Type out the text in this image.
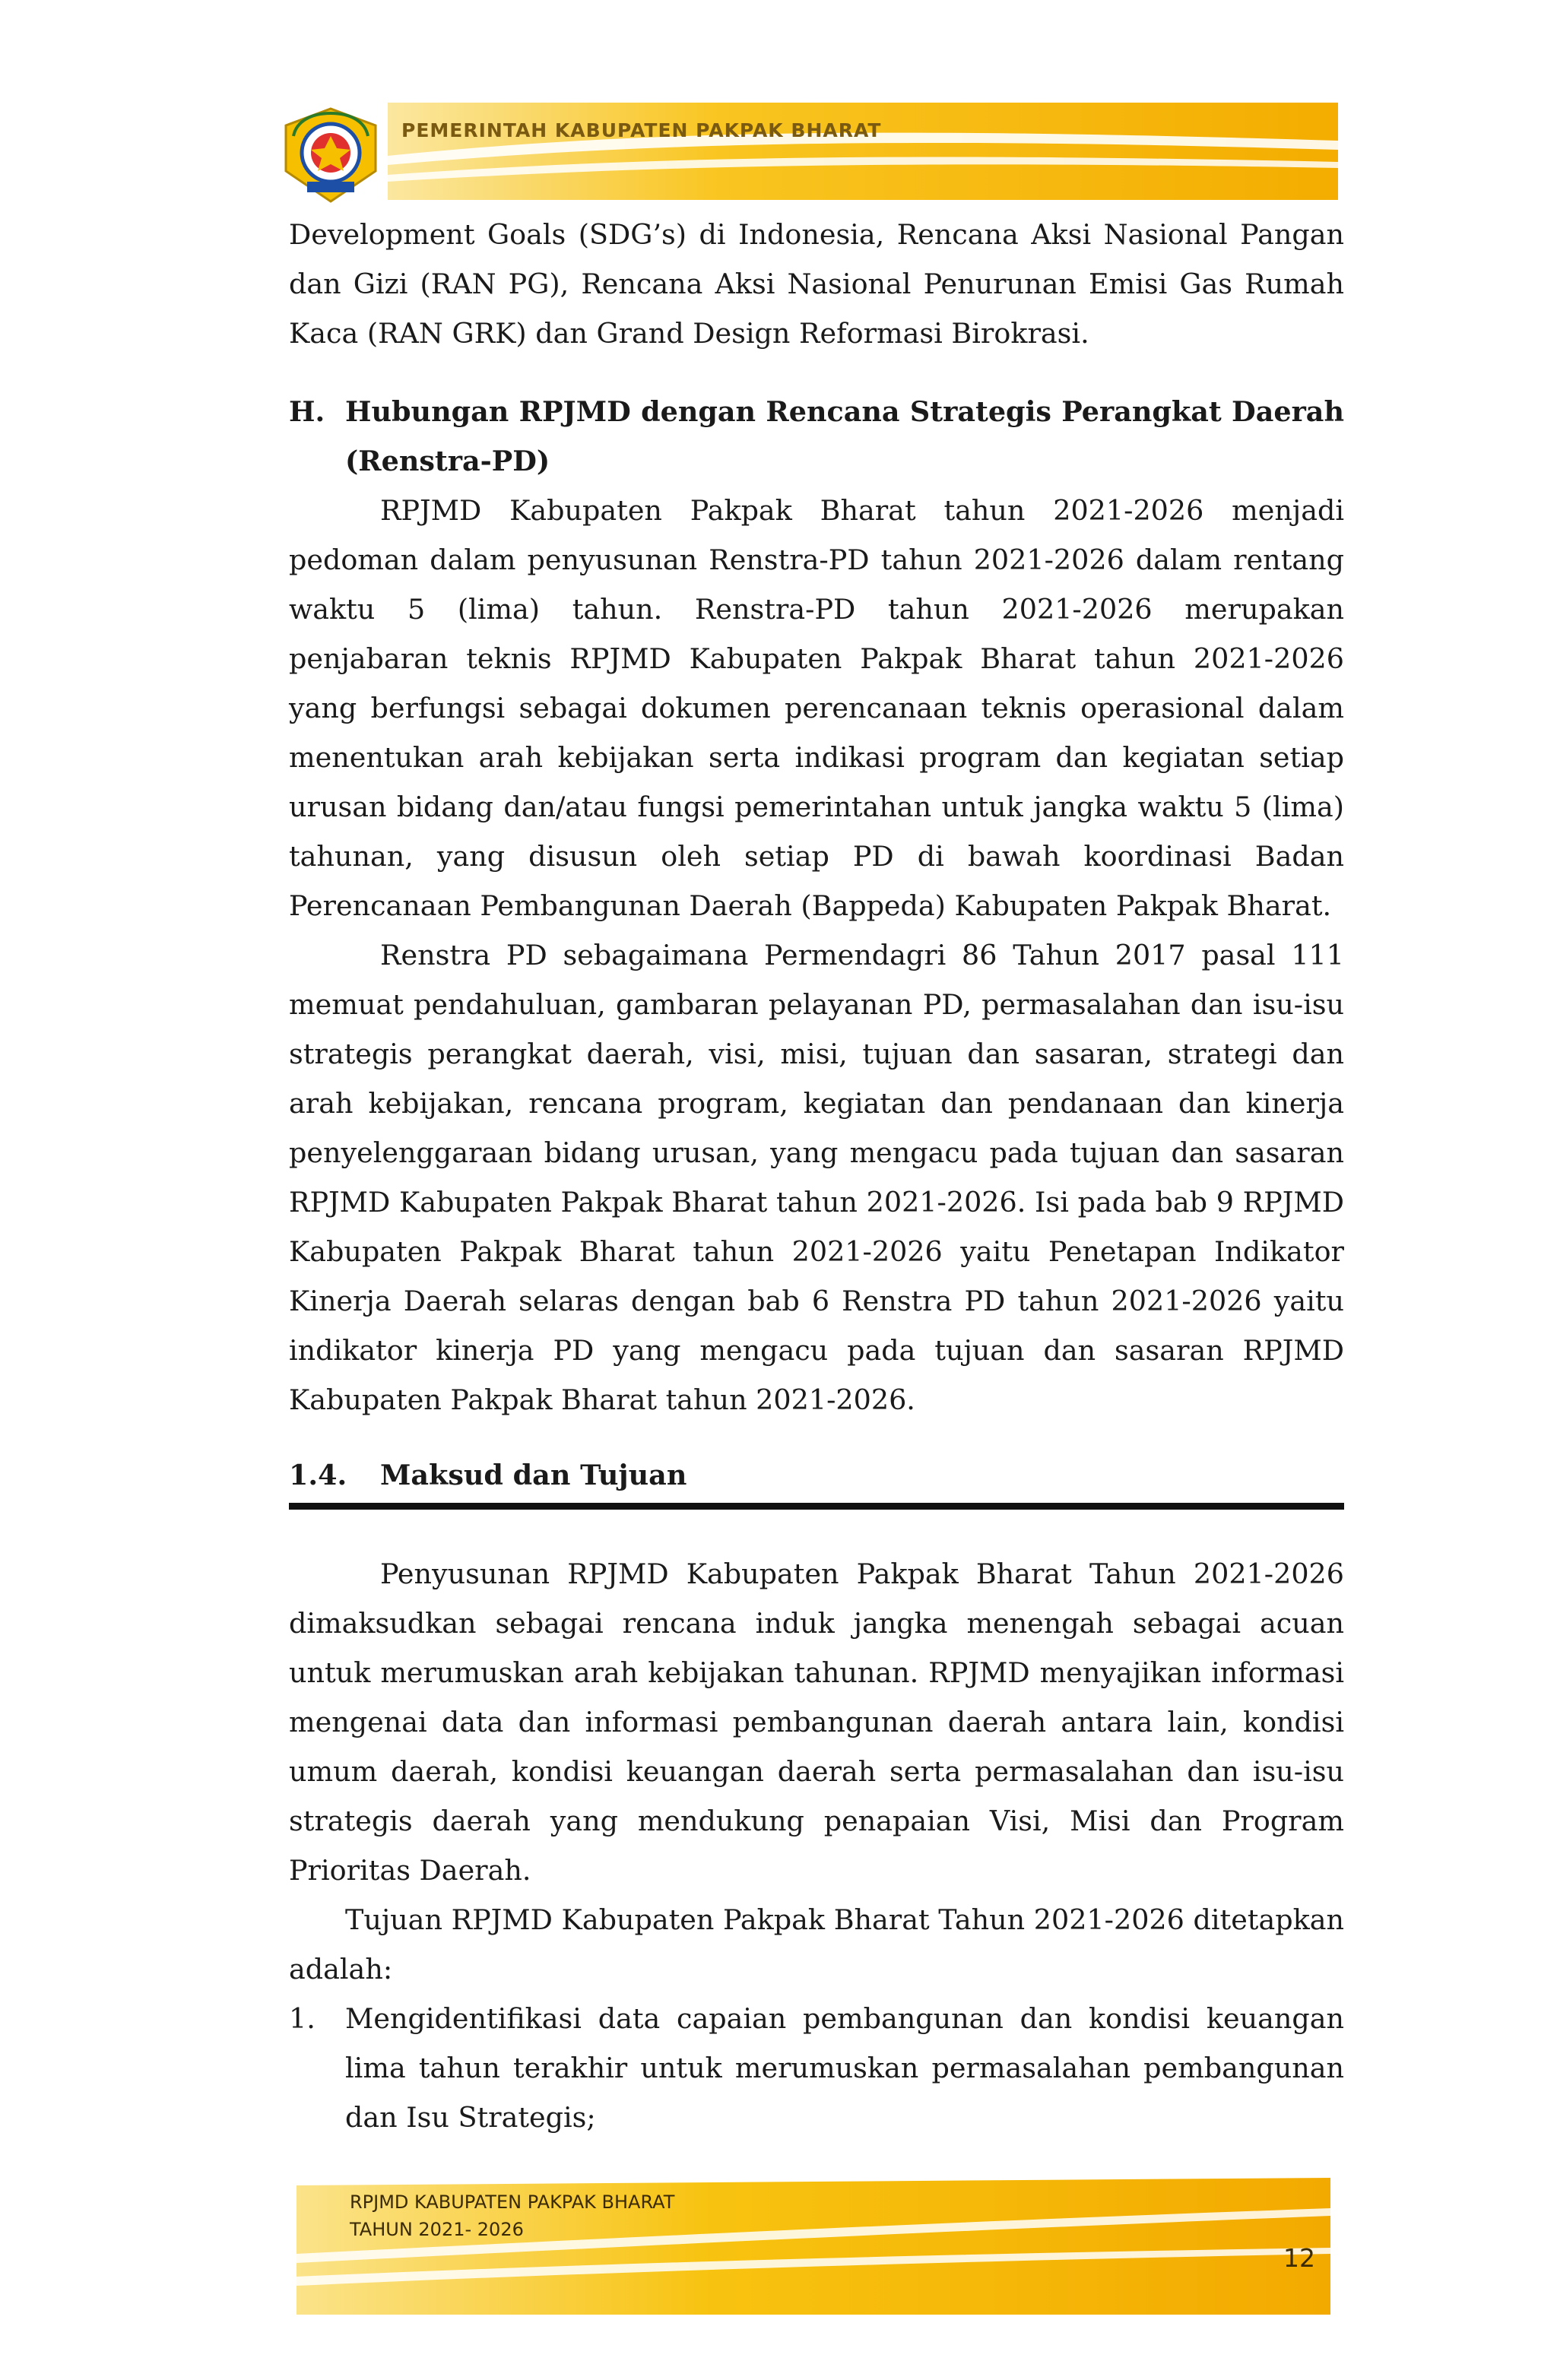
PEMERINTAH KABUPATEN PAKPAK BHARAT

Development Goals (SDG’s) di Indonesia, Rencana Aksi Nasional Pangan dan Gizi (RAN PG), Rencana Aksi Nasional Penurunan Emisi Gas Rumah Kaca (RAN GRK) dan Grand Design Reformasi Birokrasi.

H. Hubungan RPJMD dengan Rencana Strategis Perangkat Daerah (Renstra-PD)

RPJMD Kabupaten Pakpak Bharat tahun 2021-2026 menjadi pedoman dalam penyusunan Renstra-PD tahun 2021-2026 dalam rentang waktu 5 (lima) tahun. Renstra-PD tahun 2021-2026 merupakan penjabaran teknis RPJMD Kabupaten Pakpak Bharat tahun 2021-2026 yang berfungsi sebagai dokumen perencanaan teknis operasional dalam menentukan arah kebijakan serta indikasi program dan kegiatan setiap urusan bidang dan/atau fungsi pemerintahan untuk jangka waktu 5 (lima) tahunan, yang disusun oleh setiap PD di bawah koordinasi Badan Perencanaan Pembangunan Daerah (Bappeda) Kabupaten Pakpak Bharat.

Renstra PD sebagaimana Permendagri 86 Tahun 2017 pasal 111 memuat pendahuluan, gambaran pelayanan PD, permasalahan dan isu-isu strategis perangkat daerah, visi, misi, tujuan dan sasaran, strategi dan arah kebijakan, rencana program, kegiatan dan pendanaan dan kinerja penyelenggaraan bidang urusan, yang mengacu pada tujuan dan sasaran RPJMD Kabupaten Pakpak Bharat tahun 2021-2026. Isi pada bab 9 RPJMD Kabupaten Pakpak Bharat tahun 2021-2026 yaitu Penetapan Indikator Kinerja Daerah selaras dengan bab 6 Renstra PD tahun 2021-2026 yaitu indikator kinerja PD yang mengacu pada tujuan dan sasaran RPJMD Kabupaten Pakpak Bharat tahun 2021-2026.

1.4. Maksud dan Tujuan

Penyusunan RPJMD Kabupaten Pakpak Bharat Tahun 2021-2026 dimaksudkan sebagai rencana induk jangka menengah sebagai acuan untuk merumuskan arah kebijakan tahunan. RPJMD menyajikan informasi mengenai data dan informasi pembangunan daerah antara lain, kondisi umum daerah, kondisi keuangan daerah serta permasalahan dan isu-isu strategis daerah yang mendukung penapaian Visi, Misi dan Program Prioritas Daerah.

Tujuan RPJMD Kabupaten Pakpak Bharat Tahun 2021-2026 ditetapkan adalah:

1. Mengidentifikasi data capaian pembangunan dan kondisi keuangan lima tahun terakhir untuk merumuskan permasalahan pembangunan dan Isu Strategis;
RPJMD KABUPATEN PAKPAK BHARAT
TAHUN 2021- 2026
12
